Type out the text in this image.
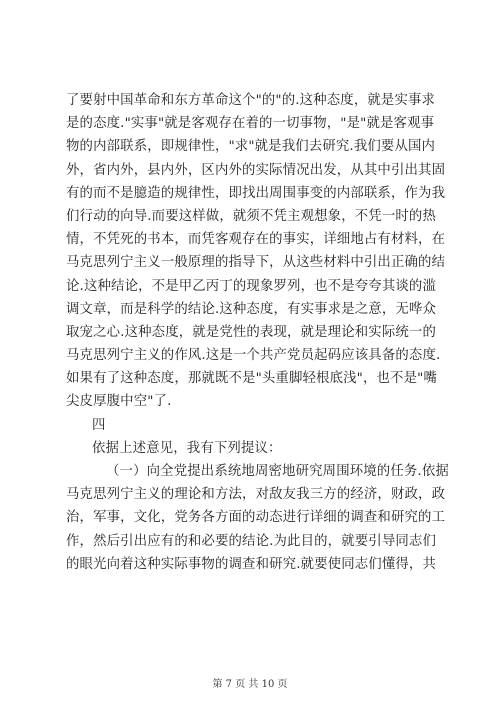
了要射中国革命和东方革命这个"的"的.这种态度，就是实事求
是的态度."实事"就是客观存在着的一切事物，"是"就是客观事
物的内部联系，即规律性，"求"就是我们去研究.我们要从国内
外，省内外，县内外，区内外的实际情况出发，从其中引出其固
有的而不是臆造的规律性，即找出周围事变的内部联系，作为我
们行动的向导.而要这样做，就须不凭主观想象，不凭一时的热
情，不凭死的书本，而凭客观存在的事实，详细地占有材料，在
马克思列宁主义一般原理的指导下，从这些材料中引出正确的结
论.这种结论，不是甲乙丙丁的现象罗列，也不是夸夸其谈的滥
调文章，而是科学的结论.这种态度，有实事求是之意，无哗众
取宠之心.这种态度，就是党性的表现，就是理论和实际统一的
马克思列宁主义的作风.这是一个共产党员起码应该具备的态度.
如果有了这种态度，那就既不是"头重脚轻根底浅"，也不是"嘴
尖皮厚腹中空"了.
四
依据上述意见，我有下列提议：
（一）向全党提出系统地周密地研究周围环境的任务.依据
马克思列宁主义的理论和方法，对敌友我三方的经济，财政，政
治，军事，文化，党务各方面的动态进行详细的调查和研究的工
作，然后引出应有的和必要的结论.为此目的，就要引导同志们
的眼光向着这种实际事物的调查和研究.就要使同志们懂得，共
第 7 页 共 10 页
